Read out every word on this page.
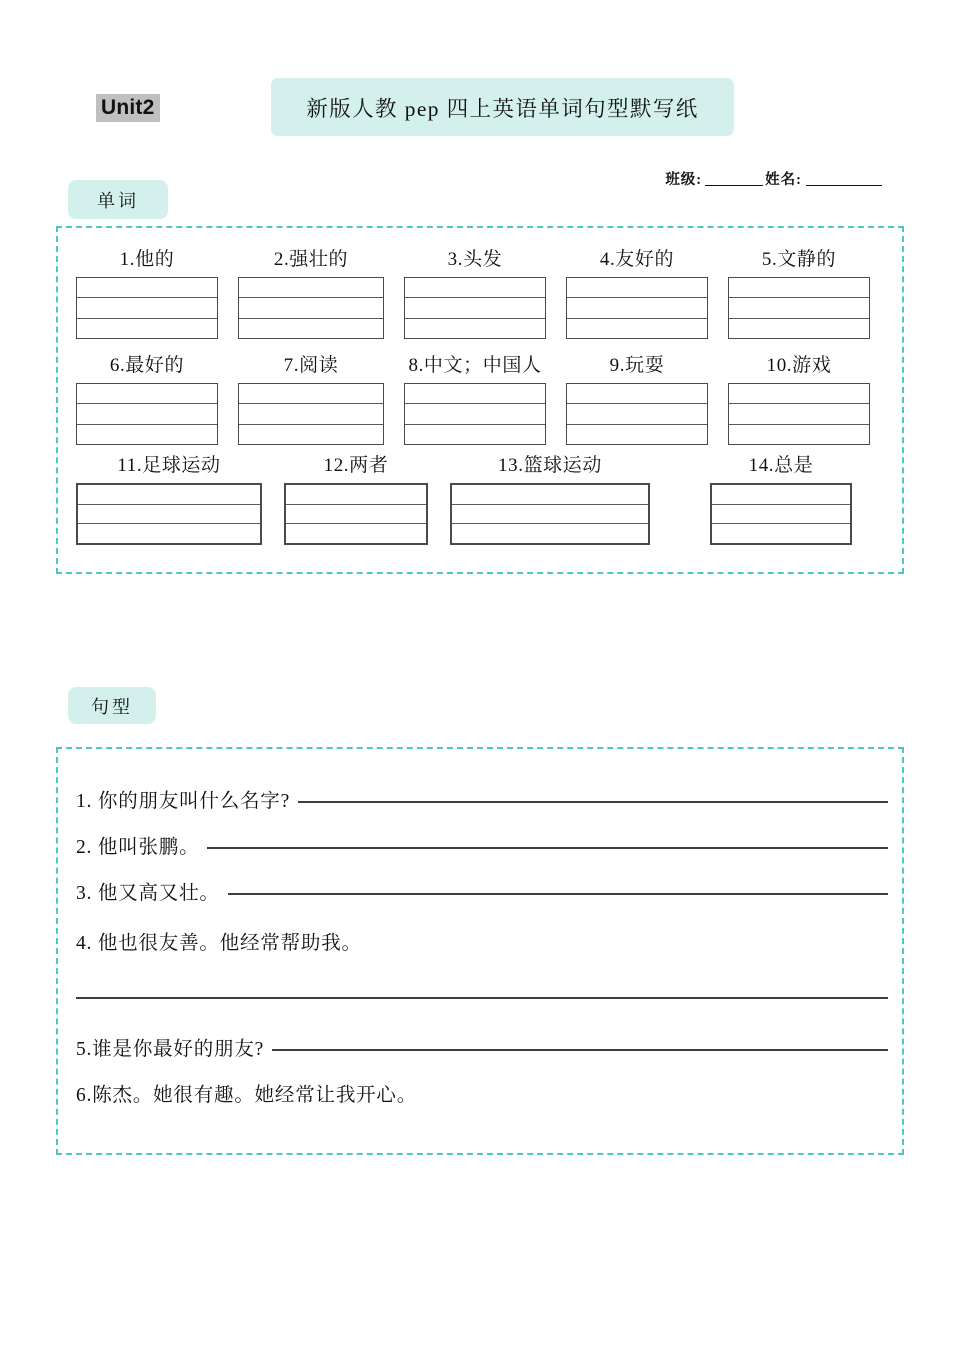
Unit2	新版人教 pep 四上英语单词句型默写纸
班级:	姓名:
单词
1.他的	2.强壮的	3.头发	4.友好的	5.文静的
6.最好的	7.阅读	8.中文；中国人	9.玩耍	10.游戏
11.足球运动	12.两者	13.篮球运动	14.总是
句型
1. 你的朋友叫什么名字?
2. 他叫张鹏。
3. 他又高又壮。
4. 他也很友善。他经常帮助我。
5.谁是你最好的朋友?
6.陈杰。她很有趣。她经常让我开心。
